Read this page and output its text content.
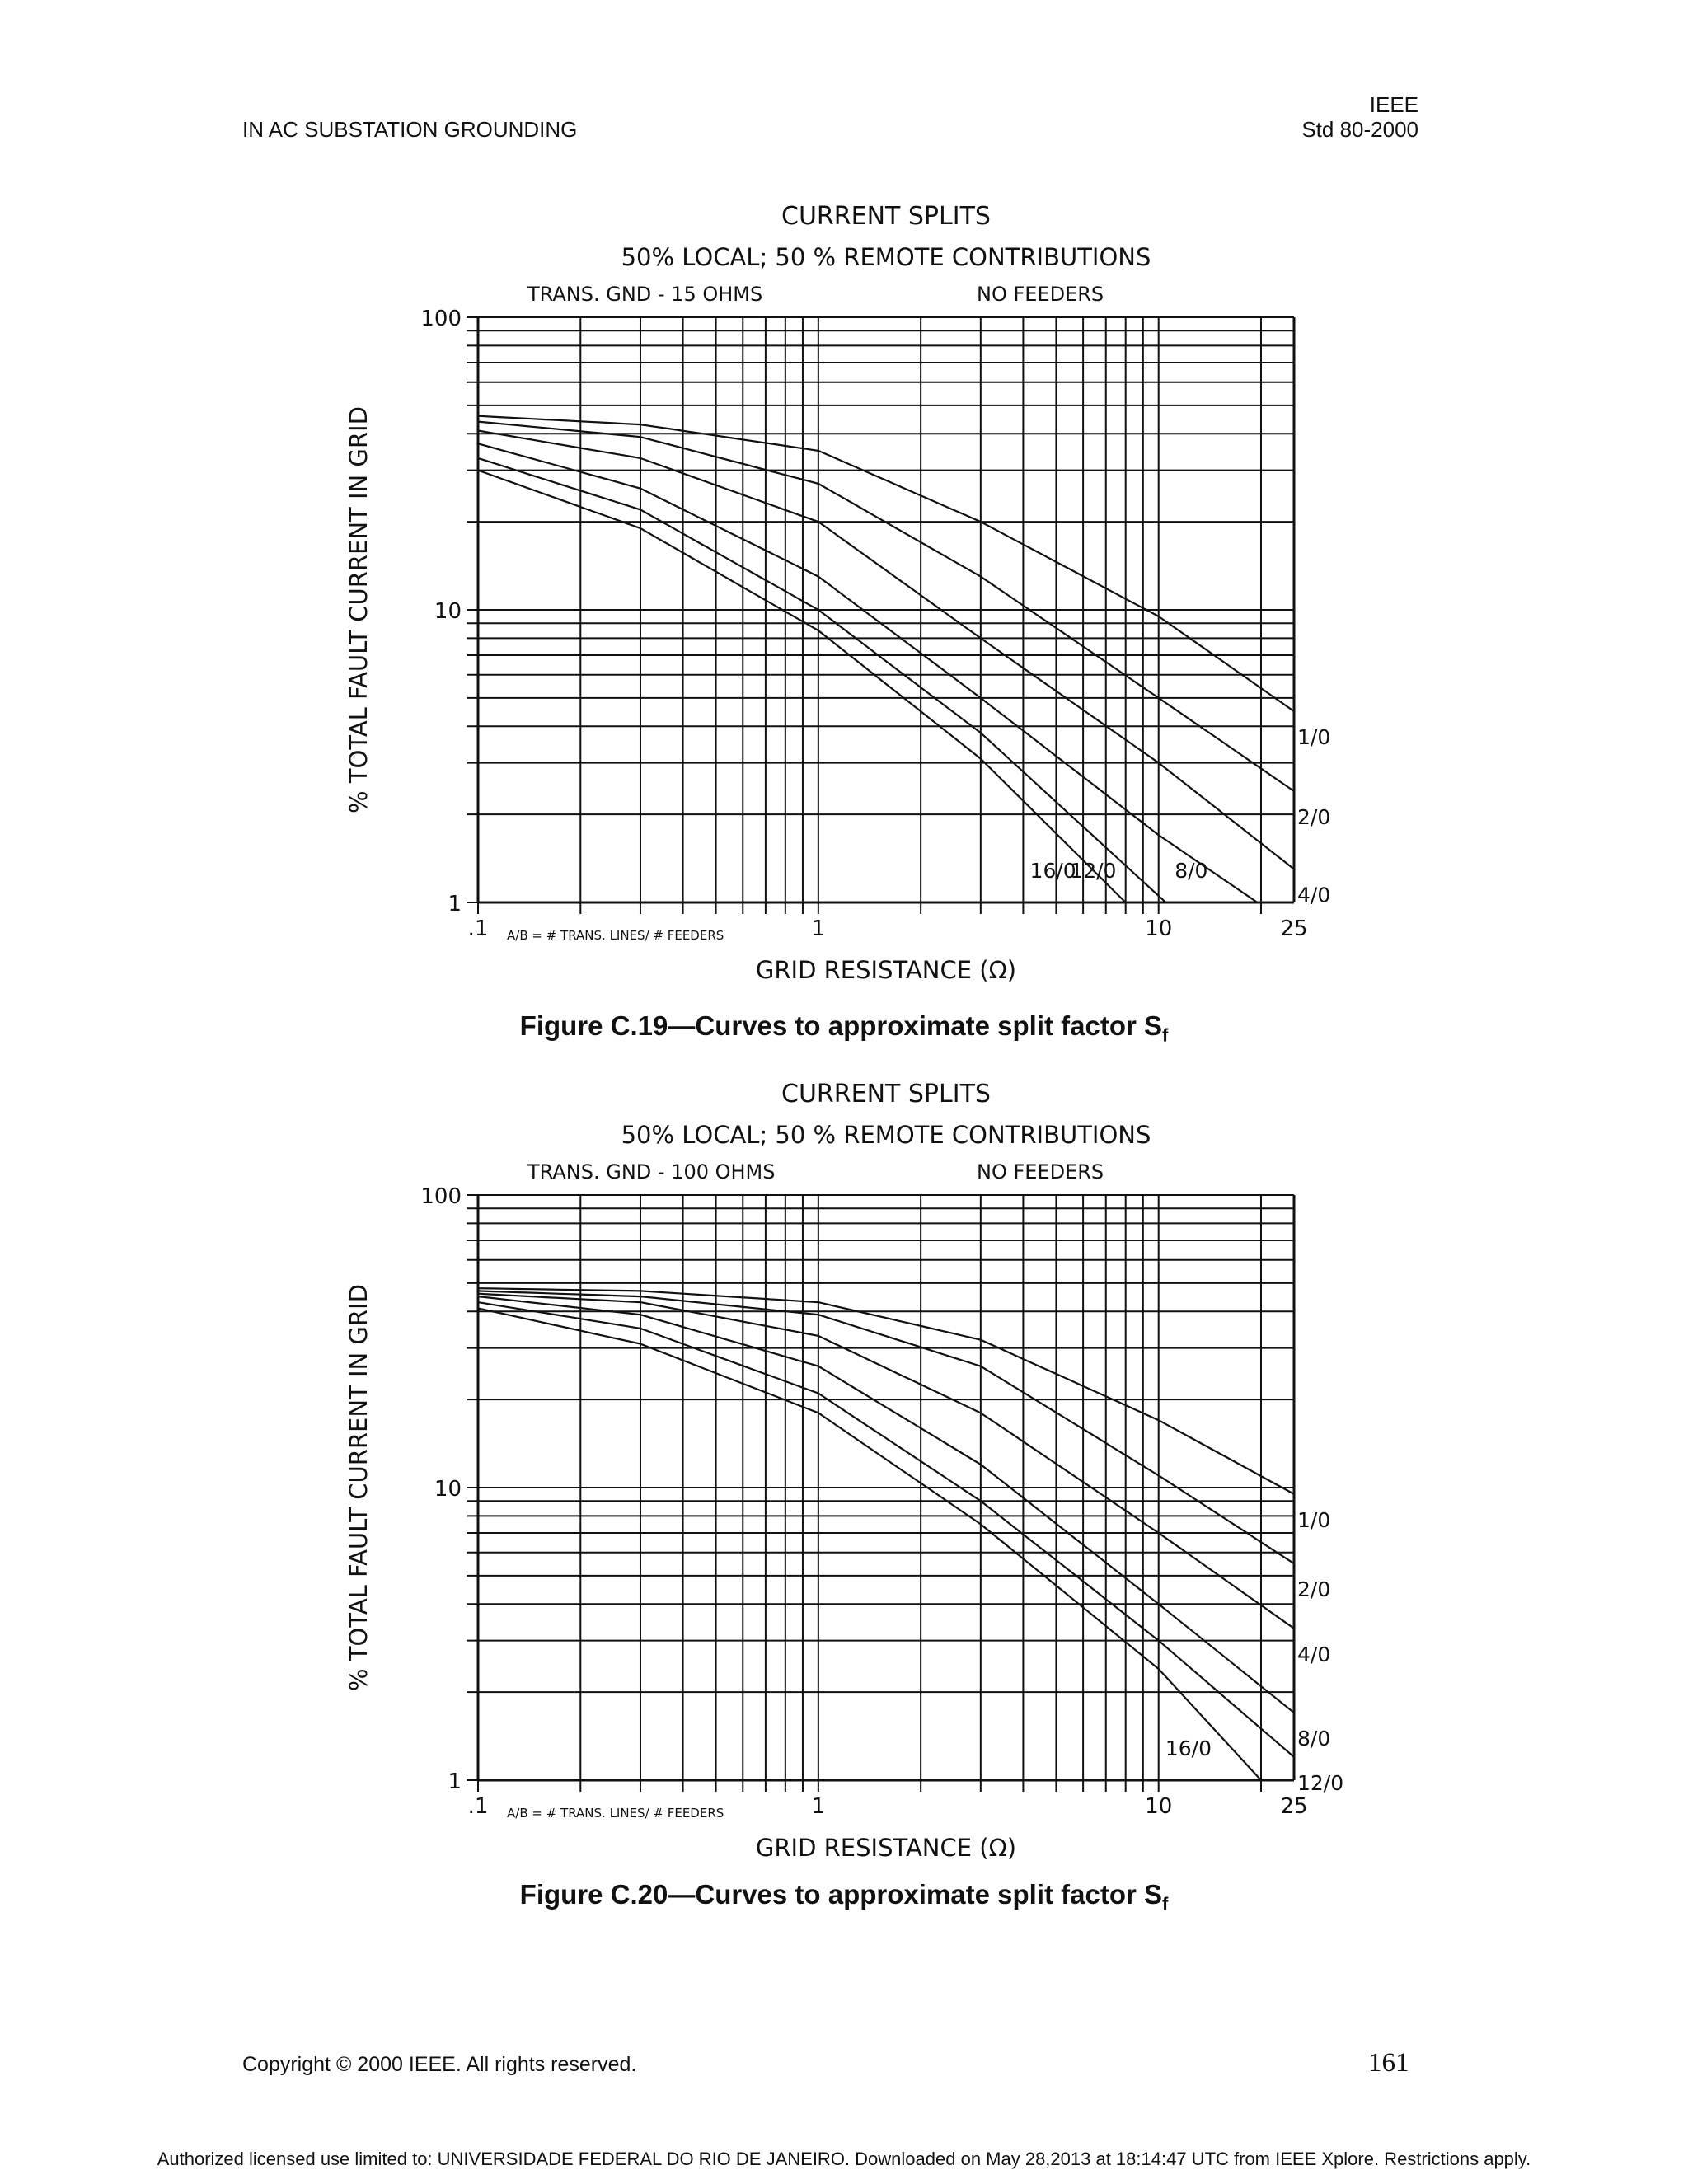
IN AC SUBSTATION GROUNDING
IEEE
Std 80-2000
CURRENT SPLITS
50% LOCAL; 50 % REMOTE CONTRIBUTIONS
TRANS. GND - 15 OHMS	NO FEEDERS
1
10
100
.1	1	10	25
A/B = # TRANS. LINES/ # FEEDERS
GRID RESISTANCE (Ω)
% TOTAL FAULT CURRENT IN GRID	1/0
2/0
4/0
8/0
12/0
16/0
Figure C.19—Curves to approximate split factor $S_f$
CURRENT SPLITS
50% LOCAL; 50 % REMOTE CONTRIBUTIONS
TRANS. GND - 100 OHMS	NO FEEDERS
1
10
100
.1	1	10	25
A/B = # TRANS. LINES/ # FEEDERS
GRID RESISTANCE (Ω)
% TOTAL FAULT CURRENT IN GRID	1/0
2/0
4/0
8/0
12/0
16/0
Figure C.20—Curves to approximate split factor $S_f$
Copyright © 2000 IEEE. All rights reserved.	161
Authorized licensed use limited to: UNIVERSIDADE FEDERAL DO RIO DE JANEIRO. Downloaded on May 28,2013 at 18:14:47 UTC from IEEE Xplore. Restrictions apply.
